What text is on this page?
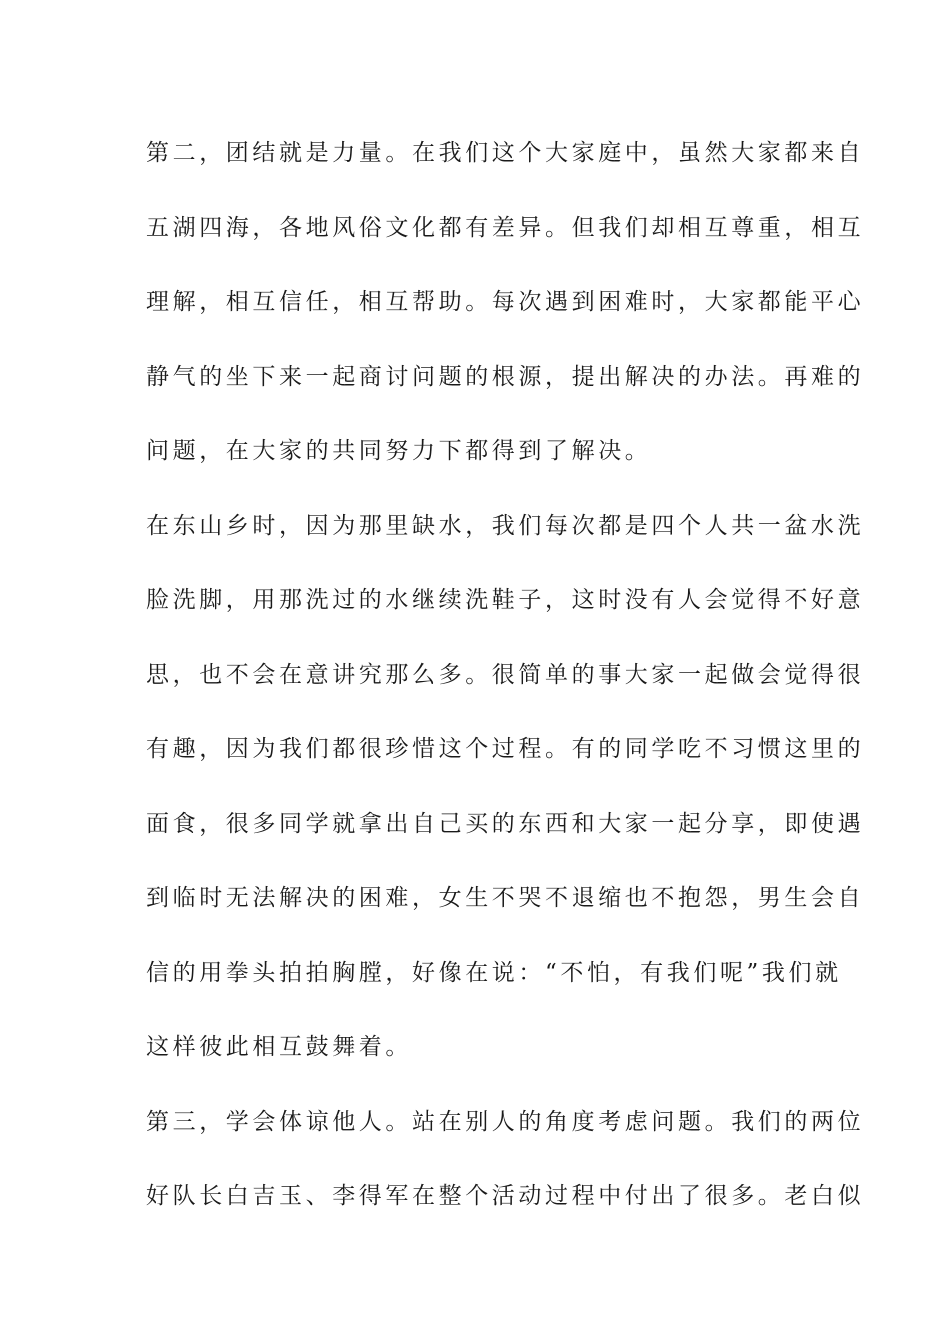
第二，团结就是力量。在我们这个大家庭中，虽然大家都来自
五湖四海，各地风俗文化都有差异。但我们却相互尊重，相互
理解，相互信任，相互帮助。每次遇到困难时，大家都能平心
静气的坐下来一起商讨问题的根源，提出解决的办法。再难的
问题，在大家的共同努力下都得到了解决。
在东山乡时，因为那里缺水，我们每次都是四个人共一盆水洗
脸洗脚，用那洗过的水继续洗鞋子，这时没有人会觉得不好意
思，也不会在意讲究那么多。很简单的事大家一起做会觉得很
有趣，因为我们都很珍惜这个过程。有的同学吃不习惯这里的
面食，很多同学就拿出自己买的东西和大家一起分享，即使遇
到临时无法解决的困难，女生不哭不退缩也不抱怨，男生会自
信的用拳头拍拍胸膛，好像在说：“不怕，有我们呢”我们就
这样彼此相互鼓舞着。
第三，学会体谅他人。站在别人的角度考虑问题。我们的两位
好队长白吉玉、李得军在整个活动过程中付出了很多。老白似
